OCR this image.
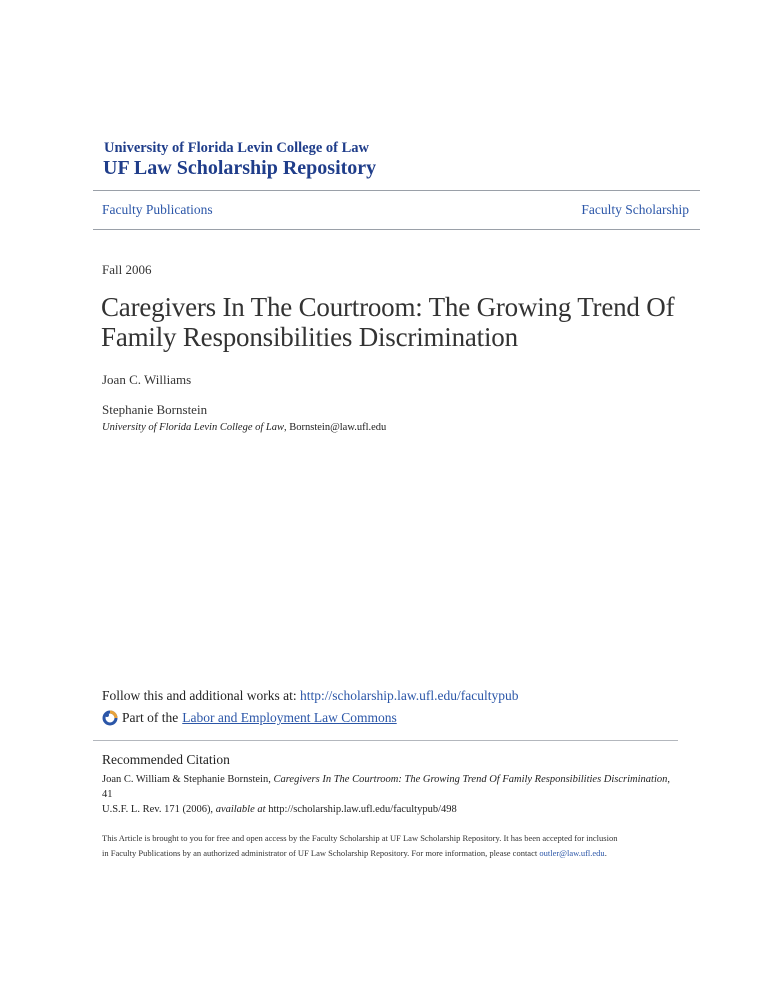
University of Florida Levin College of Law
UF Law Scholarship Repository
Faculty Publications	Faculty Scholarship
Fall 2006
Caregivers In The Courtroom: The Growing Trend Of Family Responsibilities Discrimination
Joan C. Williams
Stephanie Bornstein
University of Florida Levin College of Law, Bornstein@law.ufl.edu
Follow this and additional works at: http://scholarship.law.ufl.edu/facultypub
Part of the Labor and Employment Law Commons
Recommended Citation
Joan C. William & Stephanie Bornstein, Caregivers In The Courtroom: The Growing Trend Of Family Responsibilities Discrimination, 41
U.S.F. L. Rev. 171 (2006), available at http://scholarship.law.ufl.edu/facultypub/498
This Article is brought to you for free and open access by the Faculty Scholarship at UF Law Scholarship Repository. It has been accepted for inclusion
in Faculty Publications by an authorized administrator of UF Law Scholarship Repository. For more information, please contact outler@law.ufl.edu.
